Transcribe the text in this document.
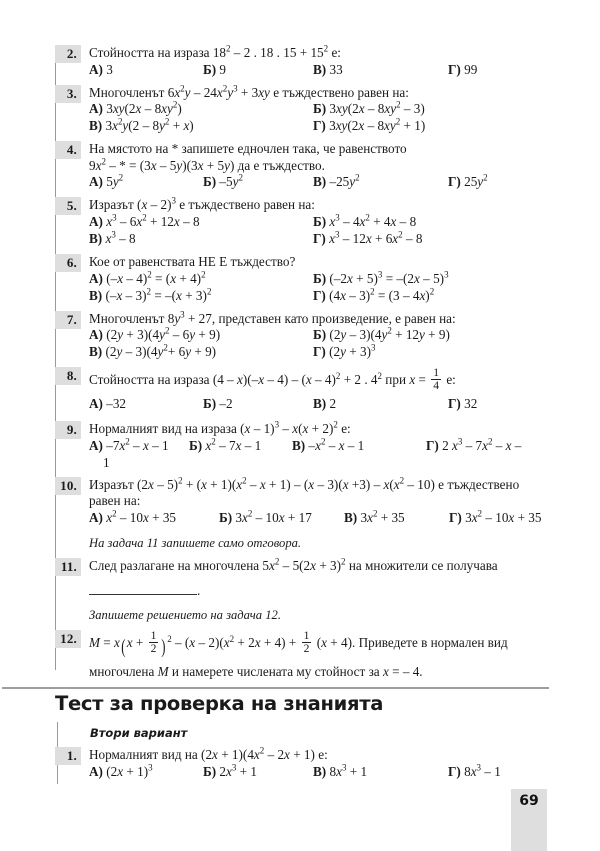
2. Стойността на израза $18^2 - 2$ . 18 . $15 + 15^2$ е:
А) 3	Б) 9	В) 33	Г) 99
3. Многочленът $6x^2y - 24x^2y^3 + 3xy$ е тъждествено равен на:
А) $3xy(2x - 8xy^2)$	Б) $3xy(2x - 8xy^2 - 3)$
В) $3x^2y(2 - 8y^2 + x)$	Г) $3xy(2x - 8xy^2 + 1)$
4. На мястото на * запишете едночлен така, че равенството
$9x^2$ – * = (3x – 5y)(3x + 5y) да е тъждество.
А) $5y^2$	Б) $-5y^2$	В) $-25y^2$	Г) $25y^2$
5. Изразът (x – 2)$^3$ е тъждествено равен на:
А) $x^3 - 6x^2 + 12x - 8$	Б) $x^3 - 4x^2 + 4x - 8$
В) $x^3 - 8$	Г) $x^3 - 12x + 6x^2 - 8$
6. Кое от равенствата НЕ Е тъждество?
А) $(-x - 4)^2 = (x + 4)^2$	Б) $(-2x + 5)^3 = -(2x - 5)^3$
В) $(-x - 3)^2 = -(x + 3)^2$	Г) (4x – 3)$^2$ = (3 – 4x)$^2$
7. Многочленът $8y^3 + 27$, представен като произведение, е равен на:
А) $(2y + 3)(4y^2 - 6y + 9)$	Б) $(2y - 3)(4y^2 + 12y + 9)$
В) $(2y - 3)(4y^2+ 6y + 9)$	Г) $(2y + 3)^3$
8. Стойността на израза (4 – x)(–x – 4) – (x – 4)$^2$ + 2 . $4^2$ при $x = \frac{1}{4} е$:
А) –32	Б) –2	В) 2	Г) 32
9. Нормалният вид на израза $(x - 1)^3 - x(x + 2)^2$ е:
А) $-7x^2$ – x – 1 Б) $x^2 - 7x - 1$ В) $-x^2$ – x – 1	Г) 2 $x^3 - 7x^2$ – x –
1
10. Изразът $(2x - 5)^2 + (x + 1)(x^2 - x + 1) - (x - 3)(x +3) - x(x^2 - 10)$ е тъждествено
равен на:
А) $x^2 - 10x + 35$	Б) $3x^2 - 10x + 17$ В) $3x^2 + 35$	Г) $3x^2 - 10x + 35$
На задача 11 запишете само отговора.
11. След разлагане на многочлена $5x^2 - 5(2x + 3)^2$ на множители се получава
.
Запишете решението на задача 12.
12. $M = x(x + \frac{1}{2} )^2 - (x - 2)(x^2 + 2x + 4) + \frac{1}{2} (x + 4)$. Приведете в нормален вид
многочлена M и намерете числената му стойност за x = – 4.
Тест за проверка на знанията
Втори вариант
1. Нормалният вид на $(2x + 1)(4x^2 - 2x + 1)$ е:
А) $(2x + 1)^3$	Б) $2x^3 + 1$	В) $8x^3 + 1$	Г) $8x^3 - 1$
69
